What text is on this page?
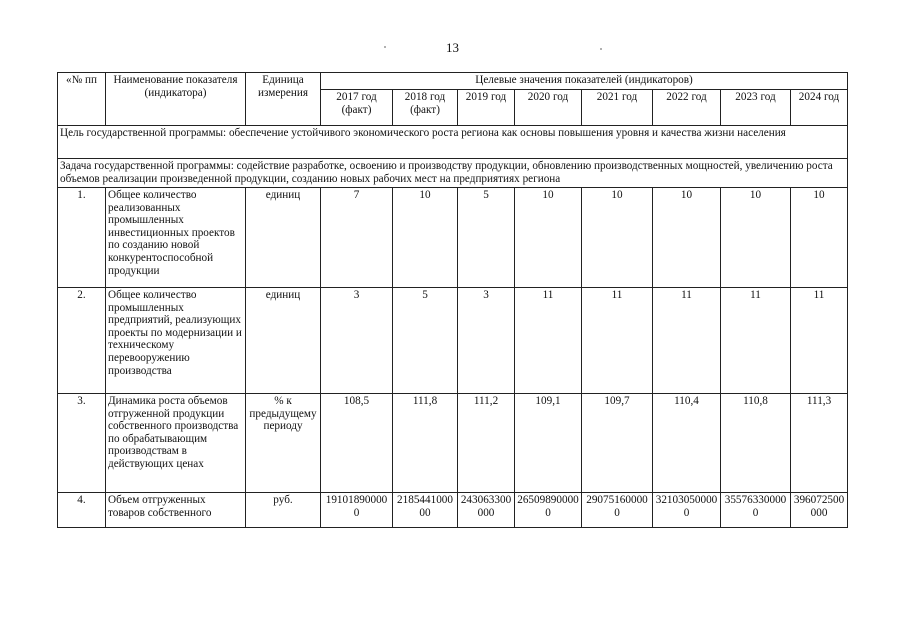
13
«№ пп	Наименование показателя (индикатора)	Единица измерения	Целевые значения показателей (индикаторов)							
			2017 год (факт)	2018 год (факт)	2019 год	2020 год	2021 год	2022 год	2023 год	2024 год
Цель государственной программы: обеспечение устойчивого экономического роста региона как основы повышения уровня и качества жизни населения										
Задача государственной программы: содействие разработке, освоению и производству продукции, обновлению производственных мощностей, увеличению роста объемов реализации произведенной продукции, созданию новых рабочих мест на предприятиях региона										
1.	Общее количество реализованных промышленных инвестиционных проектов по созданию новой конкурентоспособной продукции	единиц	7	10	5	10	10	10	10	10
2.	Общее количество промышленных предприятий, реализующих проекты по модернизации и техническому перевооружению производства	единиц	3	5	3	11	11	11	11	11
3.	Динамика роста объемов отгруженной продукции собственного производства по обрабатывающим производствам в действующих ценах	% к предыдущему периоду	108,5	111,8	111,2	109,1	109,7	110,4	110,8	111,3
4.	Объем отгруженных товаров собственного	руб.	191018900000	218544100000	243063300000	265098900000	290751600000	321030500000	355763300000	396072500000
